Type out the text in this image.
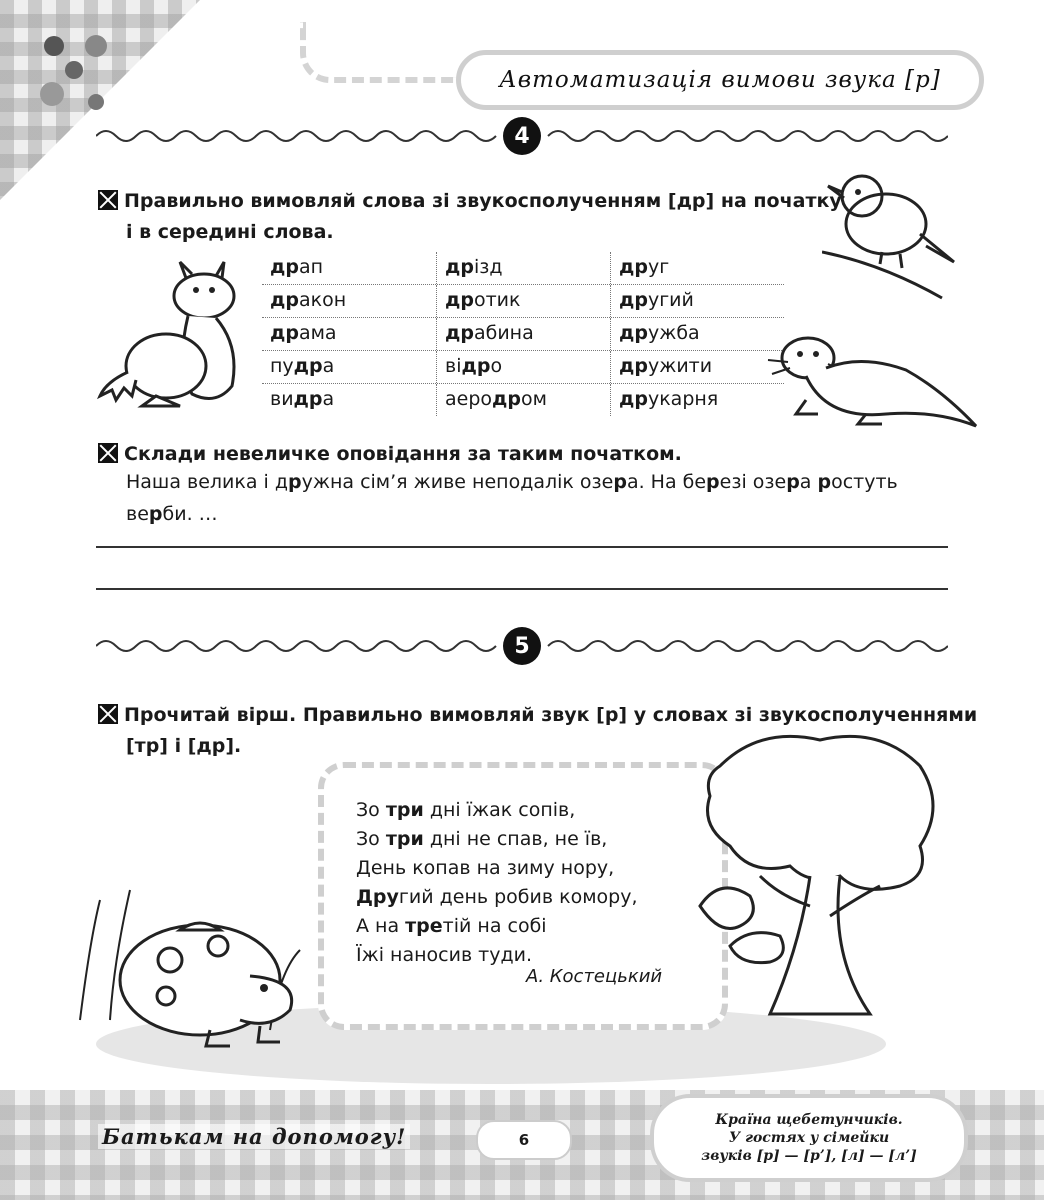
Автоматизація вимови звука [р]
4
Правильно вимовляй слова зі звукосполученням [др] на початку
і в середині слова.
драп	дрізд	друг
дракон	дротик	другий
драма	драбина	дружба
пудра	відро	дружити
видра	аеродром	друкарня
Склади невеличке оповідання за таким початком.
Наша велика і дружна сім’я живе неподалік озера. На березі озера ростуть
верби. …
5
Прочитай вірш. Правильно вимовляй звук [р] у словах зі звукосполученнями
[тр] і [др].
Зо три дні їжак сопів,
Зо три дні не спав, не їв,
День копав на зиму нору,
Другий день робив комору,
А на третій на собі
Їжі наносив туди.
А. Костецький
Батькам на допомогу!	6
Країна щебетунчиків.
У гостях у сімейки
звуків [р] — [р’], [л] — [л’]
